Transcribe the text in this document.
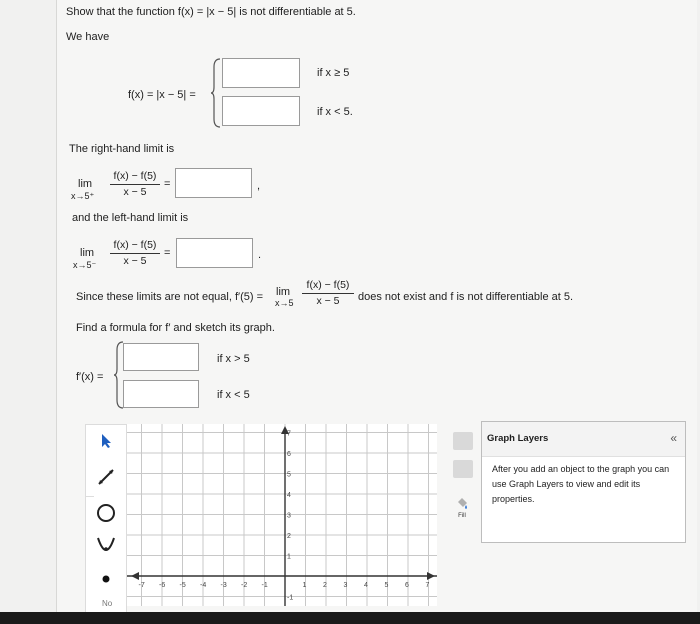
Show that the function f(x) = |x − 5| is not differentiable at 5.
We have
f(x) = |x − 5| =
if x ≥ 5
if x < 5.
The right-hand limit is
lim
x→5⁺
f(x) − f(5)
x − 5
=	,
and the left-hand limit is
lim
x→5⁻
f(x) − f(5)
x − 5
=	.
Since these limits are not equal, f′(5) = lim
x→5
f(x) − f(5)
x − 5	does not exist and f is not differentiable at 5.
Find a formula for f′ and sketch its graph.
f′(x) =
if x > 5
if x < 5
No
-7 -6 -5 -4 -3 -2 -1	1 2 3 4 5 6 7
7
6
5
4
3
2
1
-1
Fill
Graph Layers	«
After you add an object to the graph you can use Graph Layers to view and edit its properties.
